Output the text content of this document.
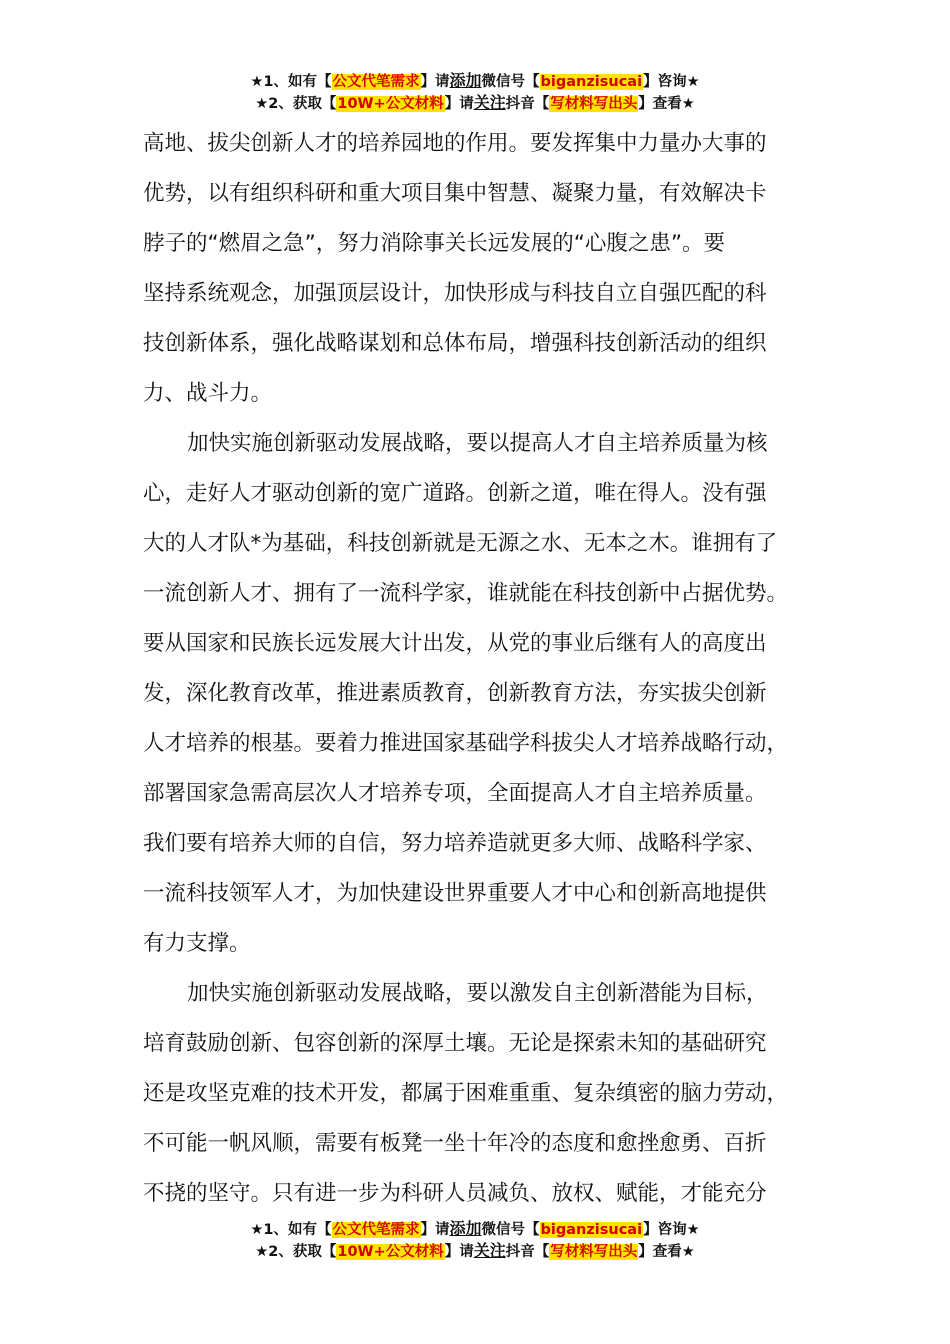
★1、如有【公文代笔需求】请添加微信号【biganzisucai】咨询★
★2、获取【10W+公文材料】请关注抖音【写材料写出头】查看★
高地、拔尖创新人才的培养园地的作用。要发挥集中力量办大事的
优势，以有组织科研和重大项目集中智慧、凝聚力量，有效解决卡
脖子的“燃眉之急”，努力消除事关长远发展的“心腹之患”。要
坚持系统观念，加强顶层设计，加快形成与科技自立自强匹配的科
技创新体系，强化战略谋划和总体布局，增强科技创新活动的组织
力、战斗力。
加快实施创新驱动发展战略，要以提高人才自主培养质量为核
心，走好人才驱动创新的宽广道路。创新之道，唯在得人。没有强
大的人才队*为基础，科技创新就是无源之水、无本之木。谁拥有了
一流创新人才、拥有了一流科学家，谁就能在科技创新中占据优势。
要从国家和民族长远发展大计出发，从党的事业后继有人的高度出
发，深化教育改革，推进素质教育，创新教育方法，夯实拔尖创新
人才培养的根基。要着力推进国家基础学科拔尖人才培养战略行动，
部署国家急需高层次人才培养专项，全面提高人才自主培养质量。
我们要有培养大师的自信，努力培养造就更多大师、战略科学家、
一流科技领军人才，为加快建设世界重要人才中心和创新高地提供
有力支撑。
加快实施创新驱动发展战略，要以激发自主创新潜能为目标，
培育鼓励创新、包容创新的深厚土壤。无论是探索未知的基础研究
还是攻坚克难的技术开发，都属于困难重重、复杂缜密的脑力劳动，
不可能一帆风顺，需要有板凳一坐十年冷的态度和愈挫愈勇、百折
不挠的坚守。只有进一步为科研人员减负、放权、赋能，才能充分
★1、如有【公文代笔需求】请添加微信号【biganzisucai】咨询★
★2、获取【10W+公文材料】请关注抖音【写材料写出头】查看★
